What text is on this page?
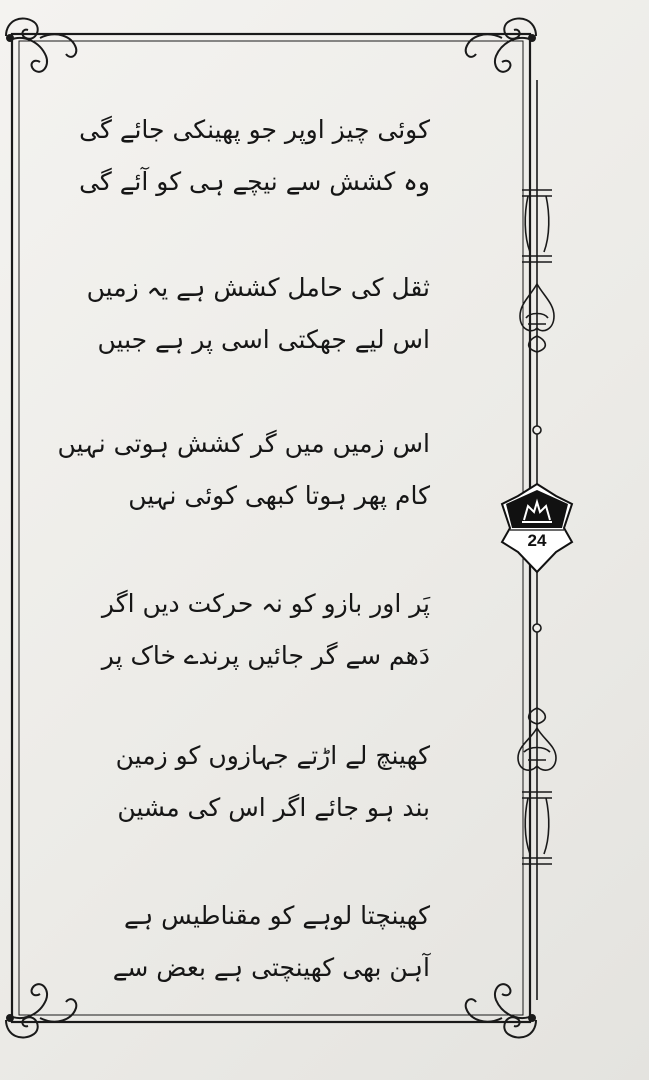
24
کوئی چیز اوپر جو پھینکی جائے گی
وہ کشش سے نیچے ہی کو آئے گی
ثقل کی حامل کشش ہے یہ زمیں
اس لیے جھکتی اسی پر ہے جبیں
اس زمیں میں گر کشش ہوتی نہیں
کام پھر ہوتا کبھی کوئی نہیں
پَر اور بازو کو نہ حرکت دیں اگر
دَھم سے گر جائیں پرندے خاک پر
کھینچ لے اڑتے جہازوں کو زمین
بند ہو جائے اگر اس کی مشین
کھینچتا لوہے کو مقناطیس ہے
آہن بھی کھینچتی ہے بعض سے
